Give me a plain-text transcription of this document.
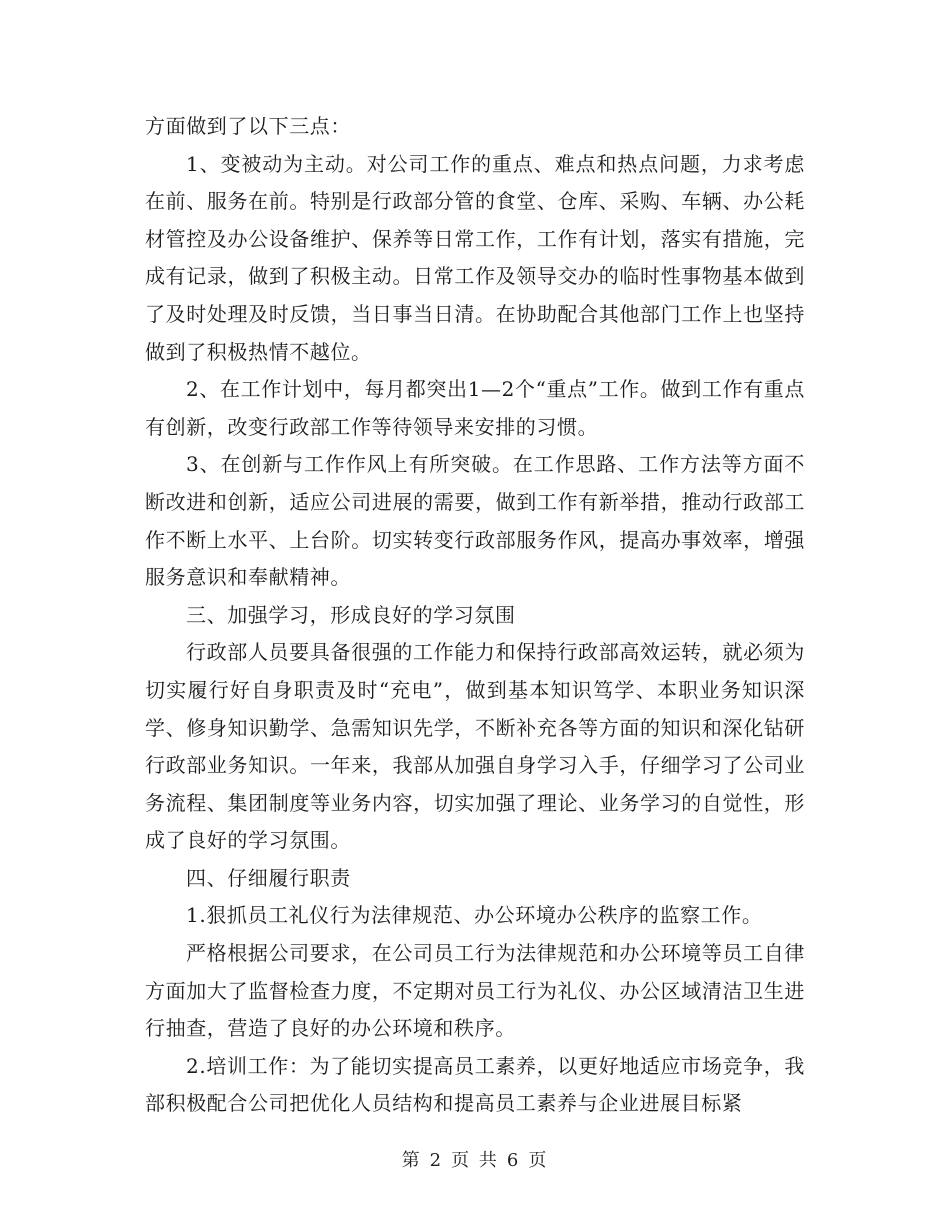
方面做到了以下三点：

1、变被动为主动。对公司工作的重点、难点和热点问题，力求考虑在前、服务在前。特别是行政部分管的食堂、仓库、采购、车辆、办公耗材管控及办公设备维护、保养等日常工作，工作有计划，落实有措施，完成有记录，做到了积极主动。日常工作及领导交办的临时性事物基本做到了及时处理及时反馈，当日事当日清。在协助配合其他部门工作上也坚持做到了积极热情不越位。

2、在工作计划中，每月都突出1—2个“重点”工作。做到工作有重点有创新，改变行政部工作等待领导来安排的习惯。

3、在创新与工作作风上有所突破。在工作思路、工作方法等方面不断改进和创新，适应公司进展的需要，做到工作有新举措，推动行政部工作不断上水平、上台阶。切实转变行政部服务作风，提高办事效率，增强服务意识和奉献精神。

三、加强学习，形成良好的学习氛围

行政部人员要具备很强的工作能力和保持行政部高效运转，就必须为切实履行好自身职责及时“充电”，做到基本知识笃学、本职业务知识深学、修身知识勤学、急需知识先学，不断补充各等方面的知识和深化钻研行政部业务知识。一年来，我部从加强自身学习入手，仔细学习了公司业务流程、集团制度等业务内容，切实加强了理论、业务学习的自觉性，形成了良好的学习氛围。

四、仔细履行职责

1.狠抓员工礼仪行为法律规范、办公环境办公秩序的监察工作。

严格根据公司要求，在公司员工行为法律规范和办公环境等员工自律方面加大了监督检查力度，不定期对员工行为礼仪、办公区域清洁卫生进行抽查，营造了良好的办公环境和秩序。

2.培训工作：为了能切实提高员工素养，以更好地适应市场竞争，我部积极配合公司把优化人员结构和提高员工素养与企业进展目标紧

第 2 页 共 6 页
